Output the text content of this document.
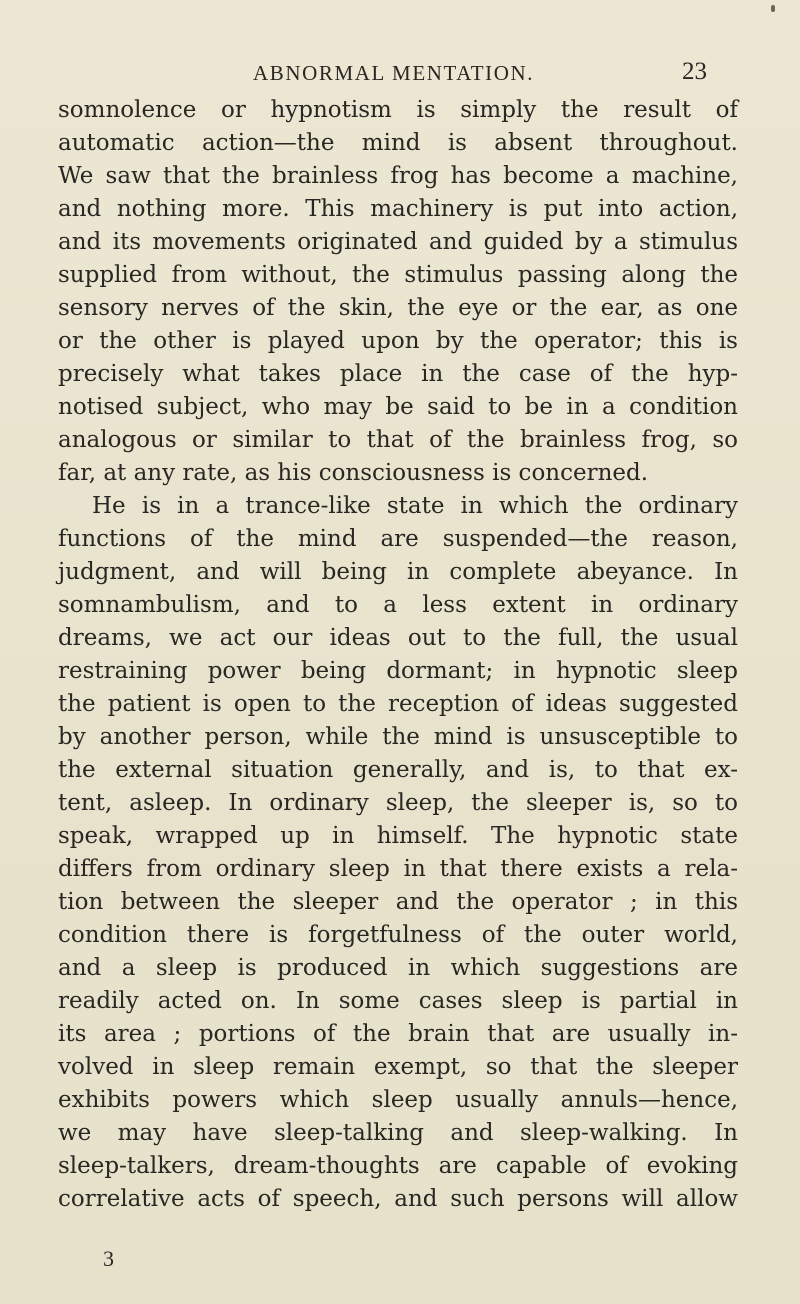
ABNORMAL MENTATION.	23
somnolence or hypnotism is simply the result of
automatic action—the mind is absent throughout.
We saw that the brainless frog has become a machine,
and nothing more. This machinery is put into action,
and its movements originated and guided by a stimulus
supplied from without, the stimulus passing along the
sensory nerves of the skin, the eye or the ear, as one
or the other is played upon by the operator; this is
precisely what takes place in the case of the hyp-
notised subject, who may be said to be in a condition
analogous or similar to that of the brainless frog, so
far, at any rate, as his consciousness is concerned.
He is in a trance-like state in which the ordinary
functions of the mind are suspended—the reason,
judgment, and will being in complete abeyance. In
somnambulism, and to a less extent in ordinary
dreams, we act our ideas out to the full, the usual
restraining power being dormant; in hypnotic sleep
the patient is open to the reception of ideas suggested
by another person, while the mind is unsusceptible to
the external situation generally, and is, to that ex-
tent, asleep. In ordinary sleep, the sleeper is, so to
speak, wrapped up in himself. The hypnotic state
differs from ordinary sleep in that there exists a rela-
tion between the sleeper and the operator ; in this
condition there is forgetfulness of the outer world,
and a sleep is produced in which suggestions are
readily acted on. In some cases sleep is partial in
its area ; portions of the brain that are usually in-
volved in sleep remain exempt, so that the sleeper
exhibits powers which sleep usually annuls—hence,
we may have sleep-talking and sleep-walking. In
sleep-talkers, dream-thoughts are capable of evoking
correlative acts of speech, and such persons will allow
3
